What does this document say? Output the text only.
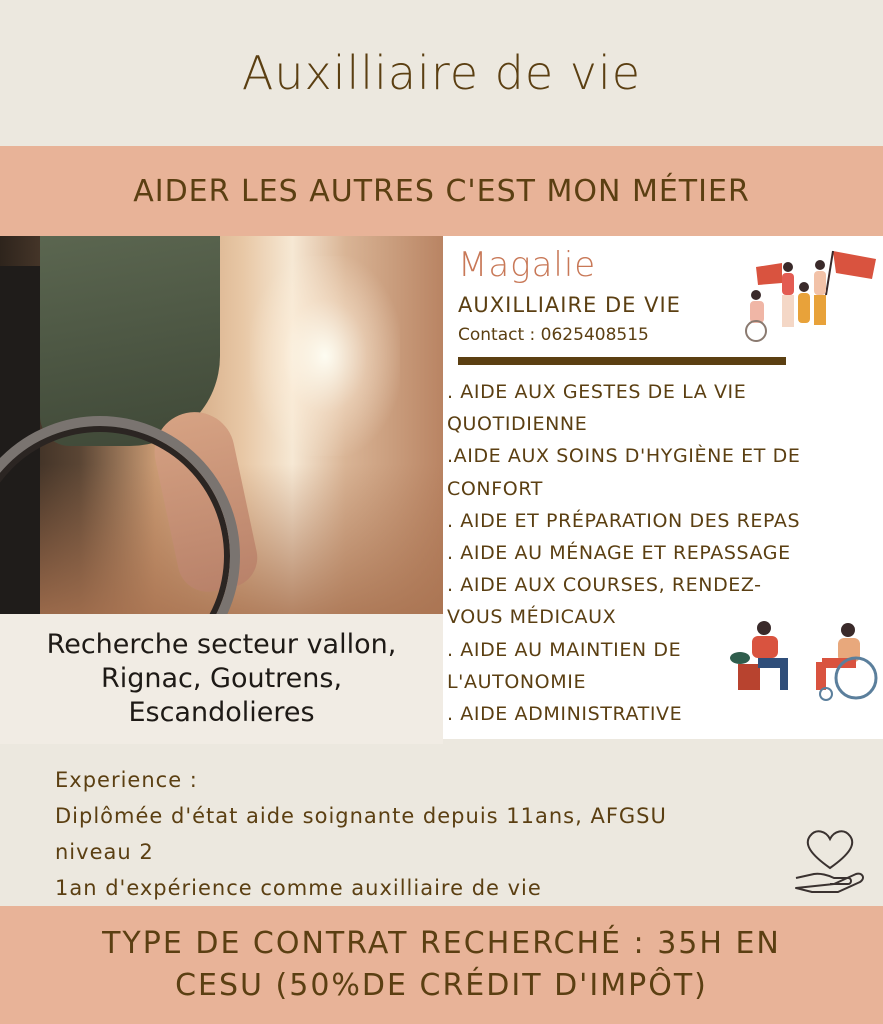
Auxilliaire de vie
AIDER LES AUTRES C'EST MON MÉTIER
Recherche secteur vallon,
Rignac, Goutrens,
Escandolieres
Magalie
AUXILLIAIRE DE VIE
Contact : 0625408515
. AIDE AUX GESTES DE LA VIE QUOTIDIENNE
.AIDE AUX SOINS D'HYGIÈNE ET DE CONFORT
. AIDE ET PRÉPARATION DES REPAS
. AIDE AU MÉNAGE ET REPASSAGE
. AIDE AUX COURSES, RENDEZ-VOUS MÉDICAUX
. AIDE AU MAINTIEN DE L'AUTONOMIE
. AIDE ADMINISTRATIVE
Experience :
Diplômée d'état aide soignante depuis 11ans, AFGSU
niveau 2
1an d'expérience comme auxilliaire de vie
TYPE DE CONTRAT RECHERCHÉ : 35H EN
CESU (50%DE CRÉDIT D'IMPÔT)
